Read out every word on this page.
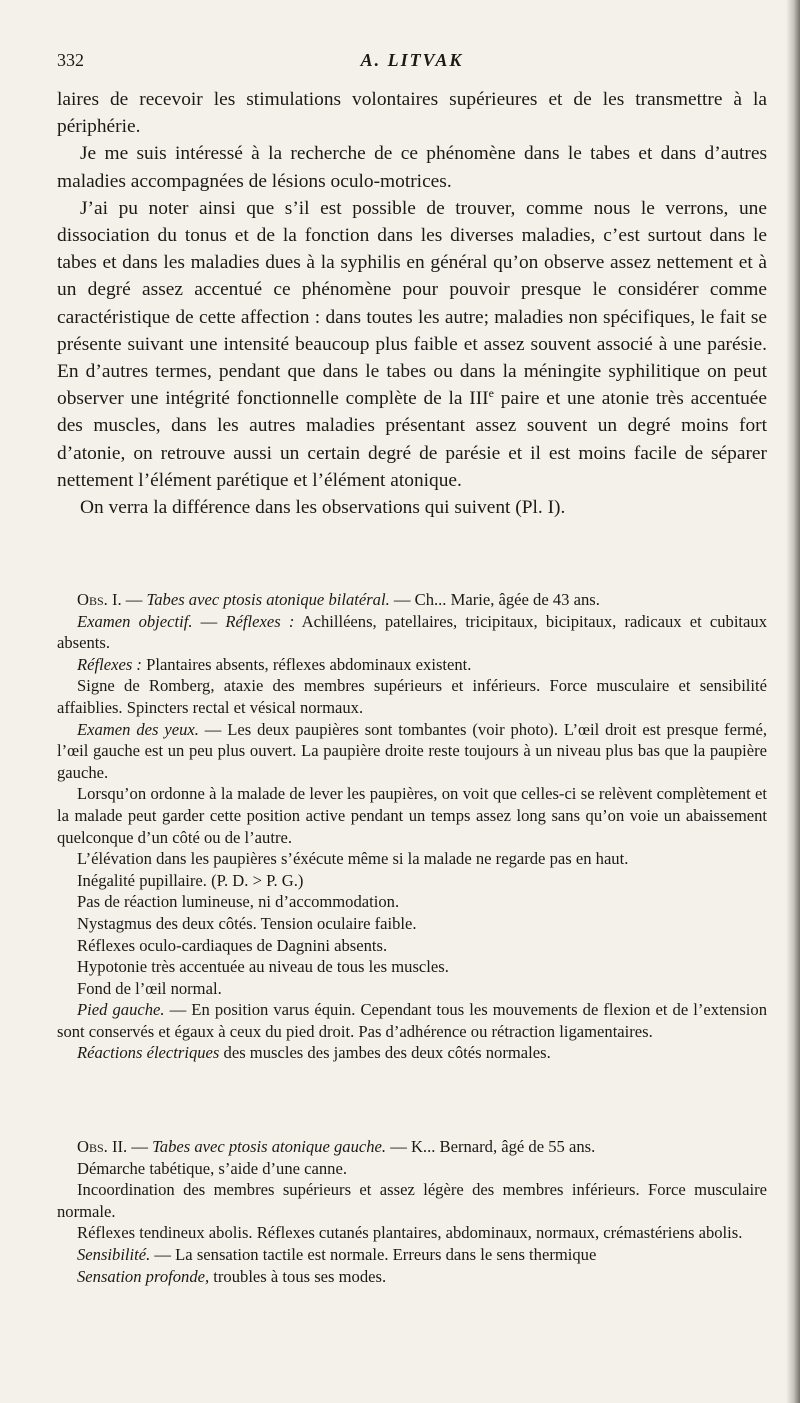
332	A. LITVAK

laires de recevoir les stimulations volontaires supérieures et de les transmettre à la périphérie.

Je me suis intéressé à la recherche de ce phénomène dans le tabes et dans d’autres maladies accompagnées de lésions oculo-motrices.

J’ai pu noter ainsi que s’il est possible de trouver, comme nous le verrons, une dissociation du tonus et de la fonction dans les diverses maladies, c’est surtout dans le tabes et dans les maladies dues à la syphilis en général qu’on observe assez nettement et à un degré assez accentué ce phénomène pour pouvoir presque le considérer comme caractéristique de cette affection : dans toutes les autre; maladies non spécifiques, le fait se présente suivant une intensité beaucoup plus faible et assez souvent associé à une parésie. En d’autres termes, pendant que dans le tabes ou dans la méningite syphilitique on peut observer une intégrité fonctionnelle complète de la IIIe paire et une atonie très accentuée des muscles, dans les autres maladies présentant assez souvent un degré moins fort d’atonie, on retrouve aussi un certain degré de parésie et il est moins facile de séparer nettement l’élément parétique et l’élément atonique.

On verra la différence dans les observations qui suivent (Pl. I).

Obs. I. — Tabes avec ptosis atonique bilatéral. — Ch... Marie, âgée de 43 ans.

Examen objectif. — Réflexes : Achilléens, patellaires, tricipitaux, bicipitaux, radicaux et cubitaux absents.

Réflexes : Plantaires absents, réflexes abdominaux existent.

Signe de Romberg, ataxie des membres supérieurs et inférieurs. Force musculaire et sensibilité affaiblies. Spincters rectal et vésical normaux.

Examen des yeux. — Les deux paupières sont tombantes (voir photo). L’œil droit est presque fermé, l’œil gauche est un peu plus ouvert. La paupière droite reste toujours à un niveau plus bas que la paupière gauche.

Lorsqu’on ordonne à la malade de lever les paupières, on voit que celles-ci se relèvent complètement et la malade peut garder cette position active pendant un temps assez long sans qu’on voie un abaissement quelconque d’un côté ou de l’autre.

L’élévation dans les paupières s’éxécute même si la malade ne regarde pas en haut.

Inégalité pupillaire. (P. D. > P. G.)

Pas de réaction lumineuse, ni d’accommodation.

Nystagmus des deux côtés. Tension oculaire faible.

Réflexes oculo-cardiaques de Dagnini absents.

Hypotonie très accentuée au niveau de tous les muscles.

Fond de l’œil normal.

Pied gauche. — En position varus équin. Cependant tous les mouvements de flexion et de l’extension sont conservés et égaux à ceux du pied droit. Pas d’adhérence ou rétraction ligamentaires.

Réactions électriques des muscles des jambes des deux côtés normales.

Obs. II. — Tabes avec ptosis atonique gauche. — K... Bernard, âgé de 55 ans.

Démarche tabétique, s’aide d’une canne.

Incoordination des membres supérieurs et assez légère des membres inférieurs. Force musculaire normale.

Réflexes tendineux abolis. Réflexes cutanés plantaires, abdominaux, normaux, crémastériens abolis.

Sensibilité. — La sensation tactile est normale. Erreurs dans le sens thermique

Sensation profonde, troubles à tous ses modes.
